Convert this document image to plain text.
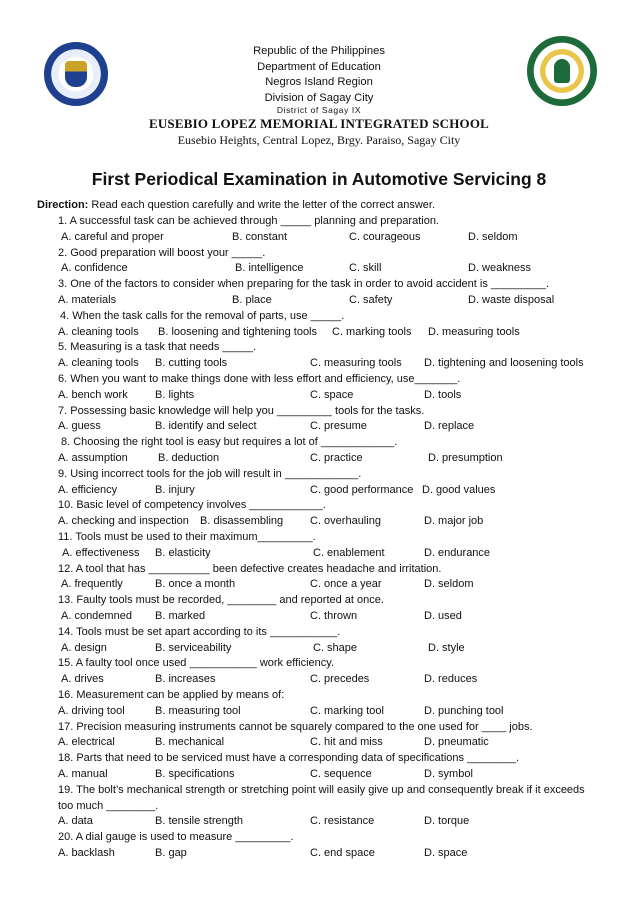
Republic of the Philippines
Department of Education
Negros Island Region
Division of Sagay City
District of Sagay IX
EUSEBIO LOPEZ MEMORIAL INTEGRATED SCHOOL
Eusebio Heights, Central Lopez, Brgy. Paraiso, Sagay City
First Periodical Examination in Automotive Servicing 8
Direction: Read each question carefully and write the letter of the correct answer.
1. A successful task can be achieved through _____ planning and preparation.
A. careful and proper	B. constant	C. courageous	D. seldom
2. Good preparation will boost your _____.
A. confidence	B. intelligence	C. skill	D. weakness
3. One of the factors to consider when preparing for the task in order to avoid accident is _________.
A. materials	B. place	C. safety	D. waste disposal
4. When the task calls for the removal of parts, use _____.
A. cleaning tools B. loosening and tightening tools C. marking tools D. measuring tools
5. Measuring is a task that needs _____.
A. cleaning tools B. cutting tools	C. measuring tools D. tightening and loosening tools
6. When you want to make things done with less effort and efficiency, use_______.
A. bench work B. lights	C. space	D. tools
7. Possessing basic knowledge will help you _________ tools for the tasks.
A. guess	B. identify and select	C. presume	D. replace
8. Choosing the right tool is easy but requires a lot of ____________.
A. assumption	B. deduction	C. practice	D. presumption
9. Using incorrect tools for the job will result in ____________.
A. efficiency	B. injury	C. good performance D. good values
10. Basic level of competency involves ____________.
A. checking and inspection B. disassembling C. overhauling	D. major job
11. Tools must be used to their maximum_________.
A. effectiveness B. elasticity	C. enablement	D. endurance
12. A tool that has __________ been defective creates headache and irritation.
A. frequently	B. once a month	C. once a year	D. seldom
13. Faulty tools must be recorded, ________ and reported at once.
A. condemned B. marked	C. thrown	D. used
14. Tools must be set apart according to its ___________.
A. design	B. serviceability	C. shape	D. style
15. A faulty tool once used ___________ work efficiency.
A. drives	B. increases	C. precedes	D. reduces
16. Measurement can be applied by means of:
A. driving tool	B. measuring tool	C. marking tool	D. punching tool
17. Precision measuring instruments cannot be squarely compared to the one used for ____ jobs.
A. electrical	B. mechanical	C. hit and miss	D. pneumatic
18. Parts that need to be serviced must have a corresponding data of specifications ________.
A. manual	B. specifications	C. sequence	D. symbol
19. The bolt’s mechanical strength or stretching point will easily give up and consequently break if it exceeds too much ________.
A. data	B. tensile strength	C. resistance	D. torque
20. A dial gauge is used to measure _________.
A. backlash	B. gap	C. end space	D. space
